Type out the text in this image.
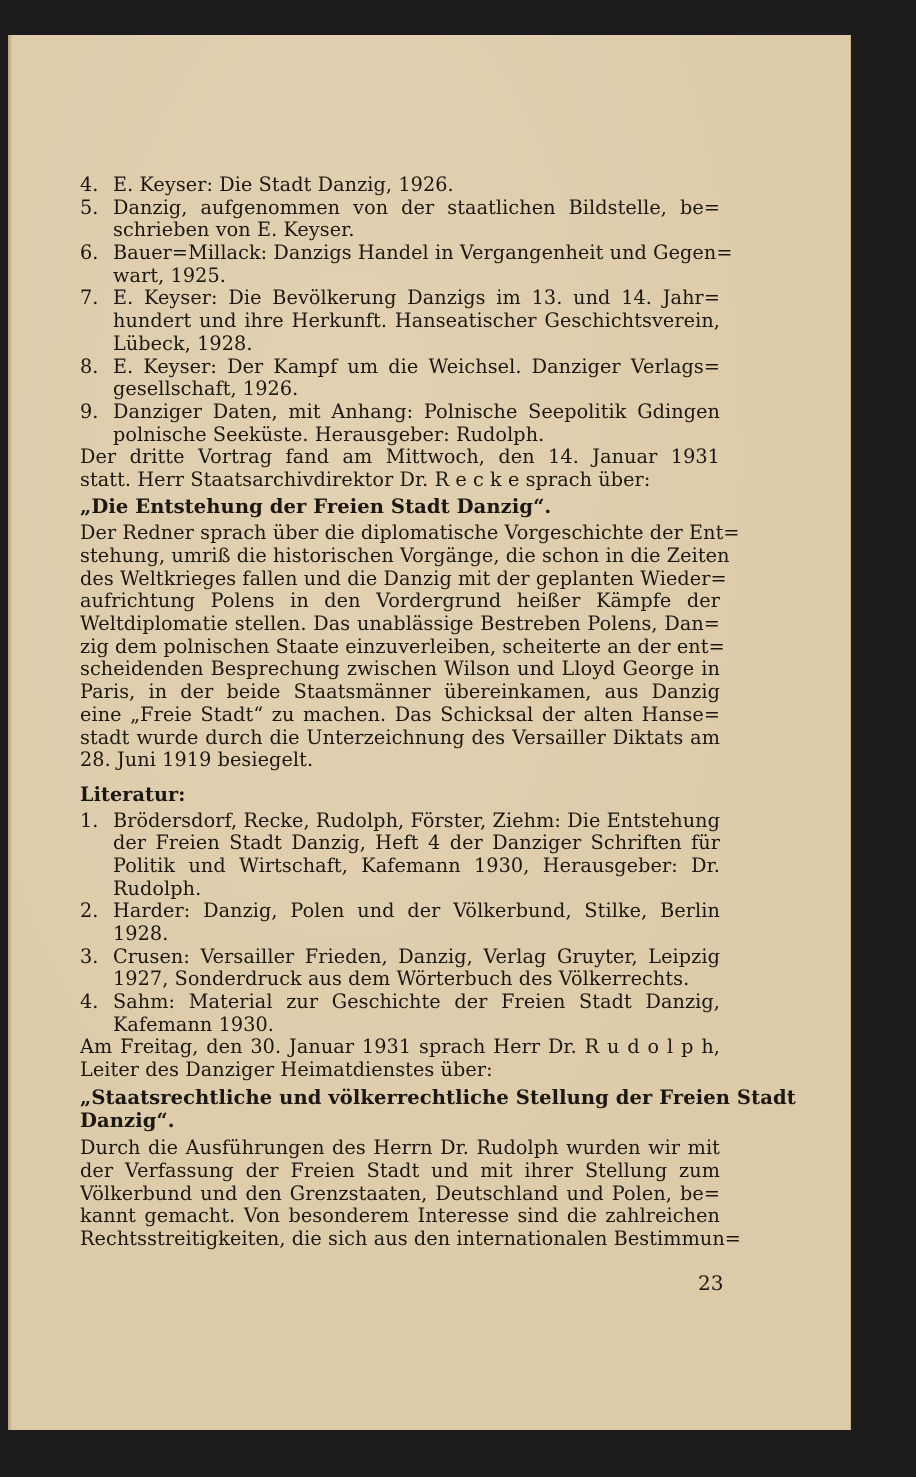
4. E. Keyser: Die Stadt Danzig, 1926.
5. Danzig, aufgenommen von der staatlichen Bildstelle, be=
schrieben von E. Keyser.
6. Bauer=Millack: Danzigs Handel in Vergangenheit und Gegen=
wart, 1925.
7. E. Keyser: Die Bevölkerung Danzigs im 13. und 14. Jahr=
hundert und ihre Herkunft. Hanseatischer Geschichtsverein,
Lübeck, 1928.
8. E. Keyser: Der Kampf um die Weichsel. Danziger Verlags=
gesellschaft, 1926.
9. Danziger Daten, mit Anhang: Polnische Seepolitik Gdingen
polnische Seeküste. Herausgeber: Rudolph.
Der dritte Vortrag fand am Mittwoch, den 14. Januar 1931
statt. Herr Staatsarchivdirektor Dr. R e c k e sprach über:
„Die Entstehung der Freien Stadt Danzig“.
Der Redner sprach über die diplomatische Vorgeschichte der Ent=
stehung, umriß die historischen Vorgänge, die schon in die Zeiten
des Weltkrieges fallen und die Danzig mit der geplanten Wieder=
aufrichtung Polens in den Vordergrund heißer Kämpfe der
Weltdiplomatie stellen. Das unablässige Bestreben Polens, Dan=
zig dem polnischen Staate einzuverleiben, scheiterte an der ent=
scheidenden Besprechung zwischen Wilson und Lloyd George in
Paris, in der beide Staatsmänner übereinkamen, aus Danzig
eine „Freie Stadt“ zu machen. Das Schicksal der alten Hanse=
stadt wurde durch die Unterzeichnung des Versailler Diktats am
28. Juni 1919 besiegelt.
Literatur:
1. Brödersdorf, Recke, Rudolph, Förster, Ziehm: Die Entstehung
der Freien Stadt Danzig, Heft 4 der Danziger Schriften für
Politik und Wirtschaft, Kafemann 1930, Herausgeber: Dr.
Rudolph.
2. Harder: Danzig, Polen und der Völkerbund, Stilke, Berlin
1928.
3. Crusen: Versailler Frieden, Danzig, Verlag Gruyter, Leipzig
1927, Sonderdruck aus dem Wörterbuch des Völkerrechts.
4. Sahm: Material zur Geschichte der Freien Stadt Danzig,
Kafemann 1930.
Am Freitag, den 30. Januar 1931 sprach Herr Dr. R u d o l p h,
Leiter des Danziger Heimatdienstes über:
„Staatsrechtliche und völkerrechtliche Stellung der Freien Stadt
Danzig“.
Durch die Ausführungen des Herrn Dr. Rudolph wurden wir mit
der Verfassung der Freien Stadt und mit ihrer Stellung zum
Völkerbund und den Grenzstaaten, Deutschland und Polen, be=
kannt gemacht. Von besonderem Interesse sind die zahlreichen
Rechtsstreitigkeiten, die sich aus den internationalen Bestimmun=
23
